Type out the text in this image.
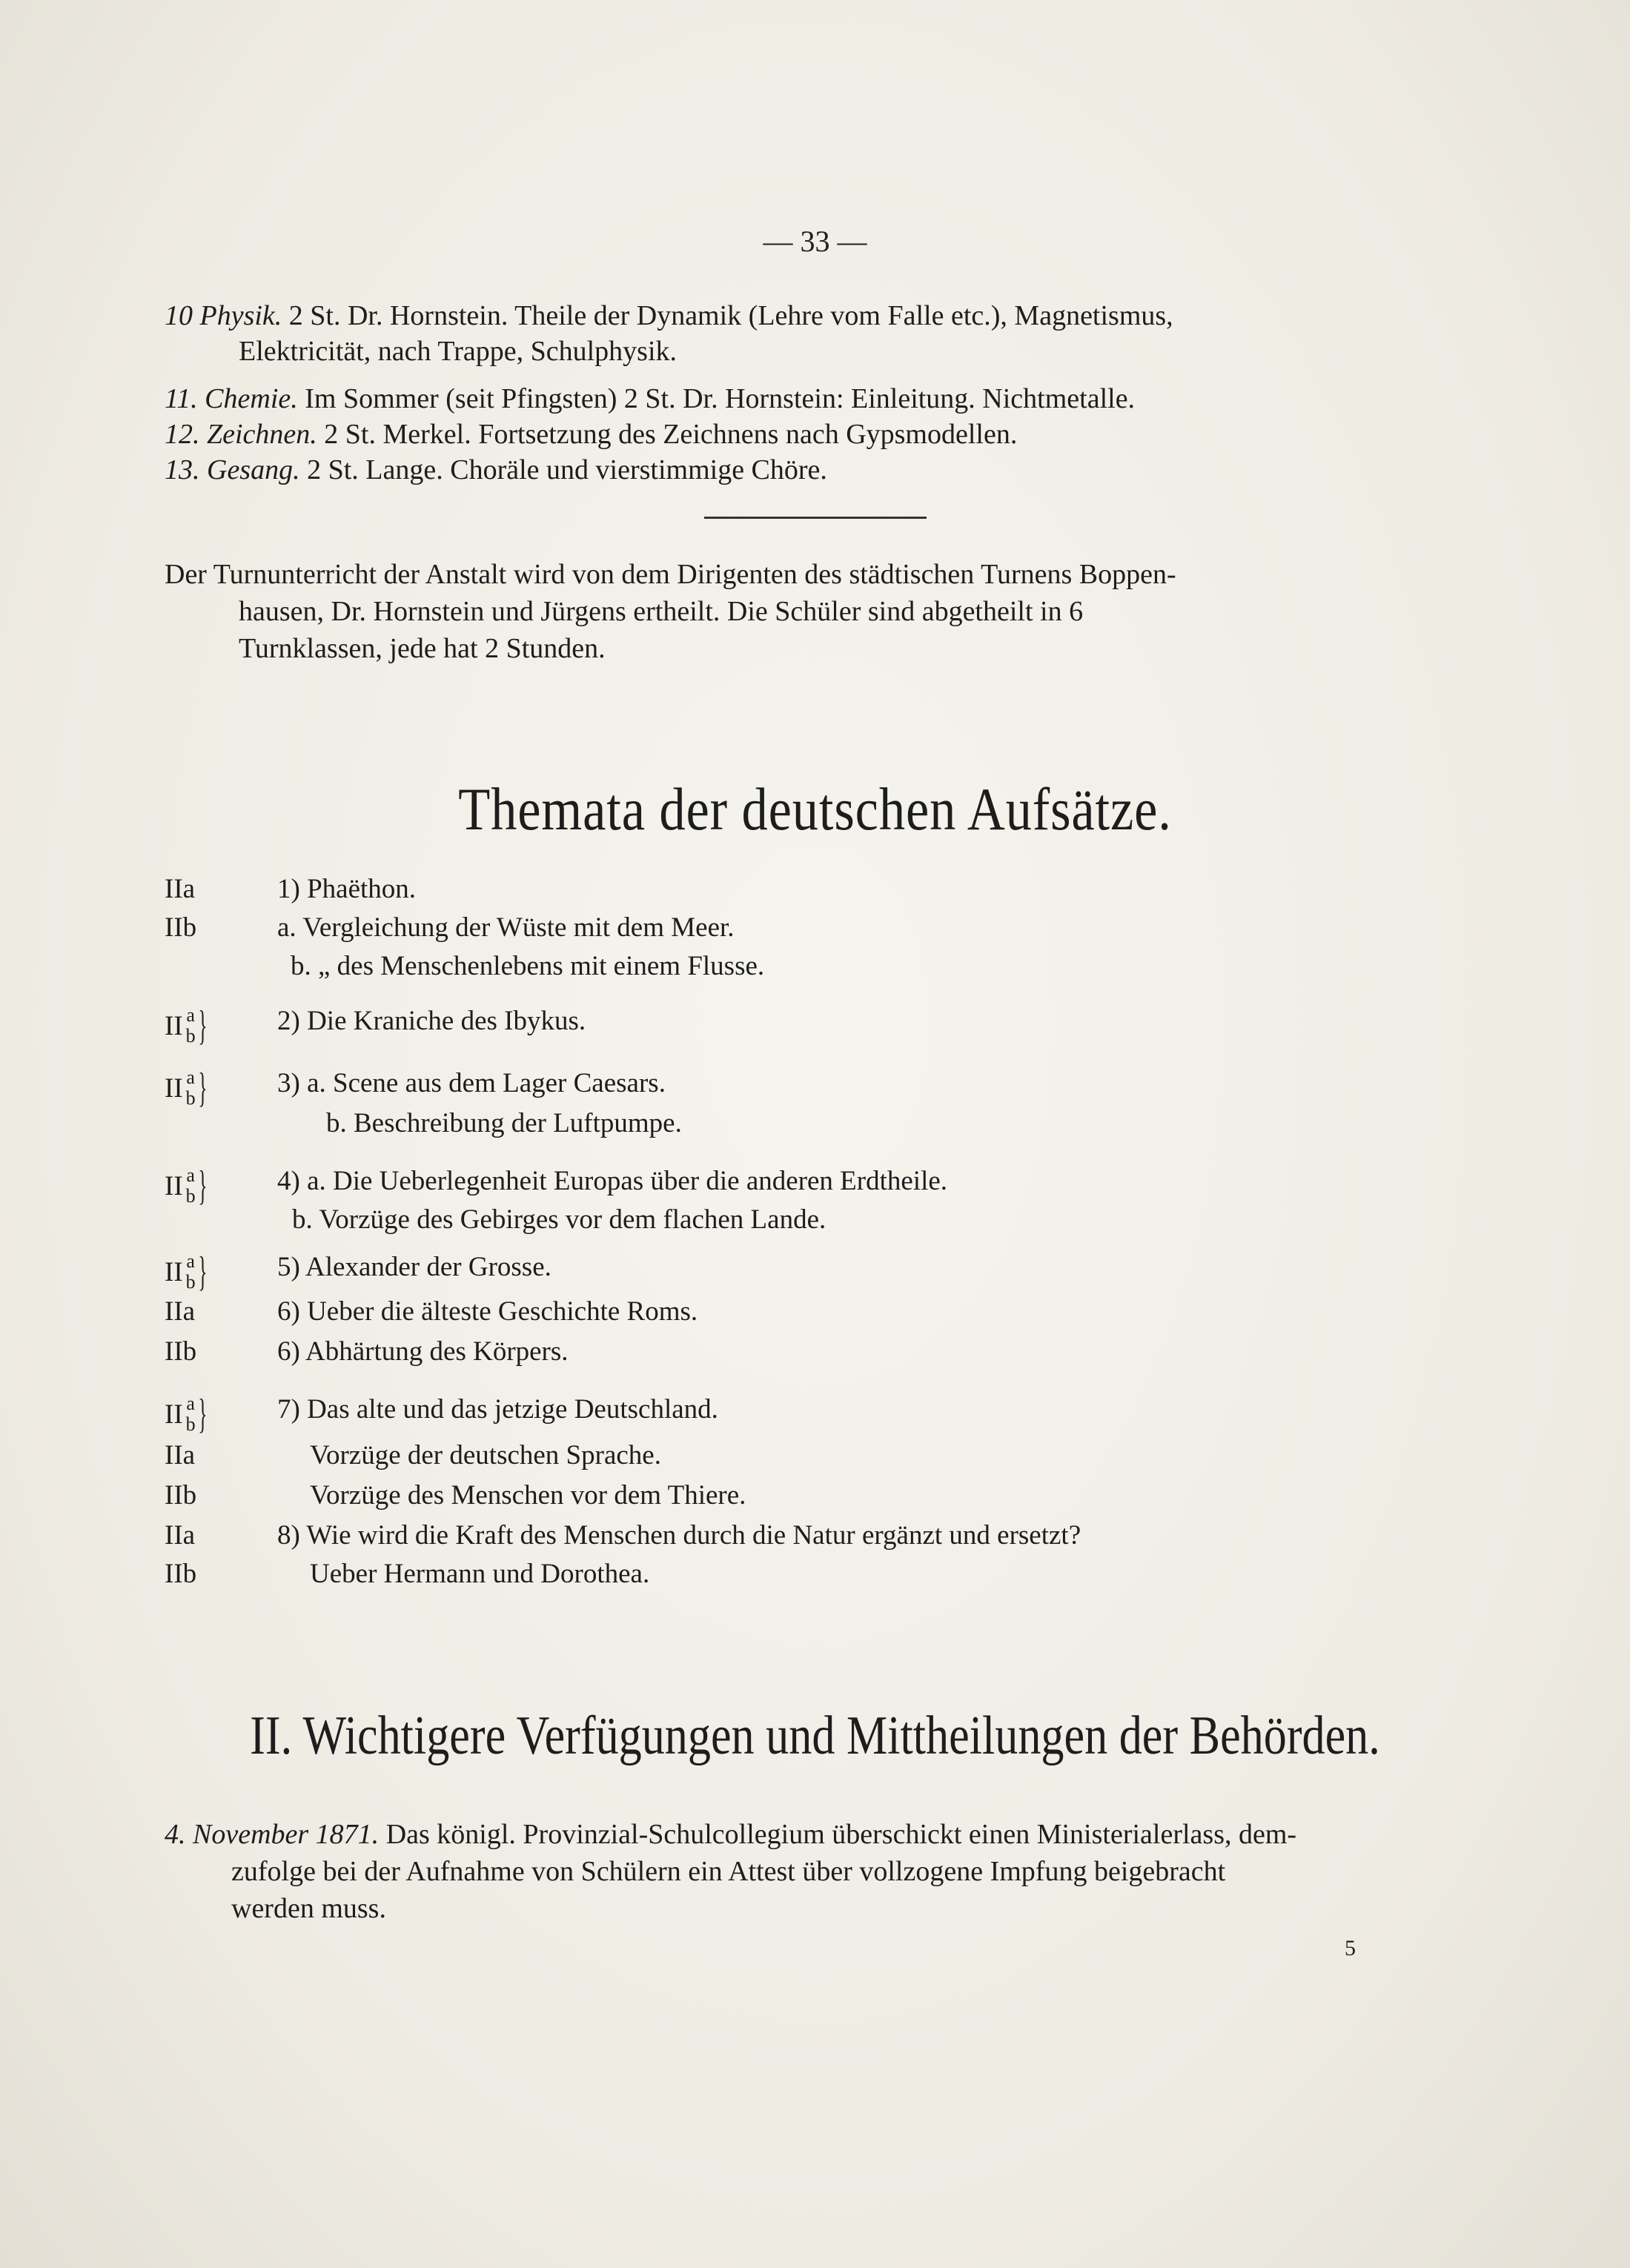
— 33 —
10 Physik. 2 St. Dr. Hornstein. Theile der Dynamik (Lehre vom Falle etc.), Magnetismus,
Elektricität, nach Trappe, Schulphysik.
11. Chemie. Im Sommer (seit Pfingsten) 2 St. Dr. Hornstein: Einleitung. Nichtmetalle.
12. Zeichnen. 2 St. Merkel. Fortsetzung des Zeichnens nach Gypsmodellen.
13. Gesang. 2 St. Lange. Choräle und vierstimmige Chöre.
Der Turnunterricht der Anstalt wird von dem Dirigenten des städtischen Turnens Boppen-
hausen, Dr. Hornstein und Jürgens ertheilt. Die Schüler sind abgetheilt in 6
Turnklassen, jede hat 2 Stunden.
Themata der deutschen Aufsätze.
IIa	1) Phaëthon.
IIb	a. Vergleichung der Wüste mit dem Meer.
b. „ des Menschenlebens mit einem Flusse.
II a
b }	2) Die Kraniche des Ibykus.
II a
b }	3) a. Scene aus dem Lager Caesars.
b. Beschreibung der Luftpumpe.
II a
b }	4) a. Die Ueberlegenheit Europas über die anderen Erdtheile.
b. Vorzüge des Gebirges vor dem flachen Lande.
II a
b }	5) Alexander der Grosse.
IIa	6) Ueber die älteste Geschichte Roms.
IIb	6) Abhärtung des Körpers.
II a
b }	7) Das alte und das jetzige Deutschland.
IIa	Vorzüge der deutschen Sprache.
IIb	Vorzüge des Menschen vor dem Thiere.
IIa	8) Wie wird die Kraft des Menschen durch die Natur ergänzt und ersetzt?
IIb	Ueber Hermann und Dorothea.
II. Wichtigere Verfügungen und Mittheilungen der Behörden.
4. November 1871. Das königl. Provinzial-Schulcollegium überschickt einen Ministerialerlass, dem-
zufolge bei der Aufnahme von Schülern ein Attest über vollzogene Impfung beigebracht
werden muss.
5
